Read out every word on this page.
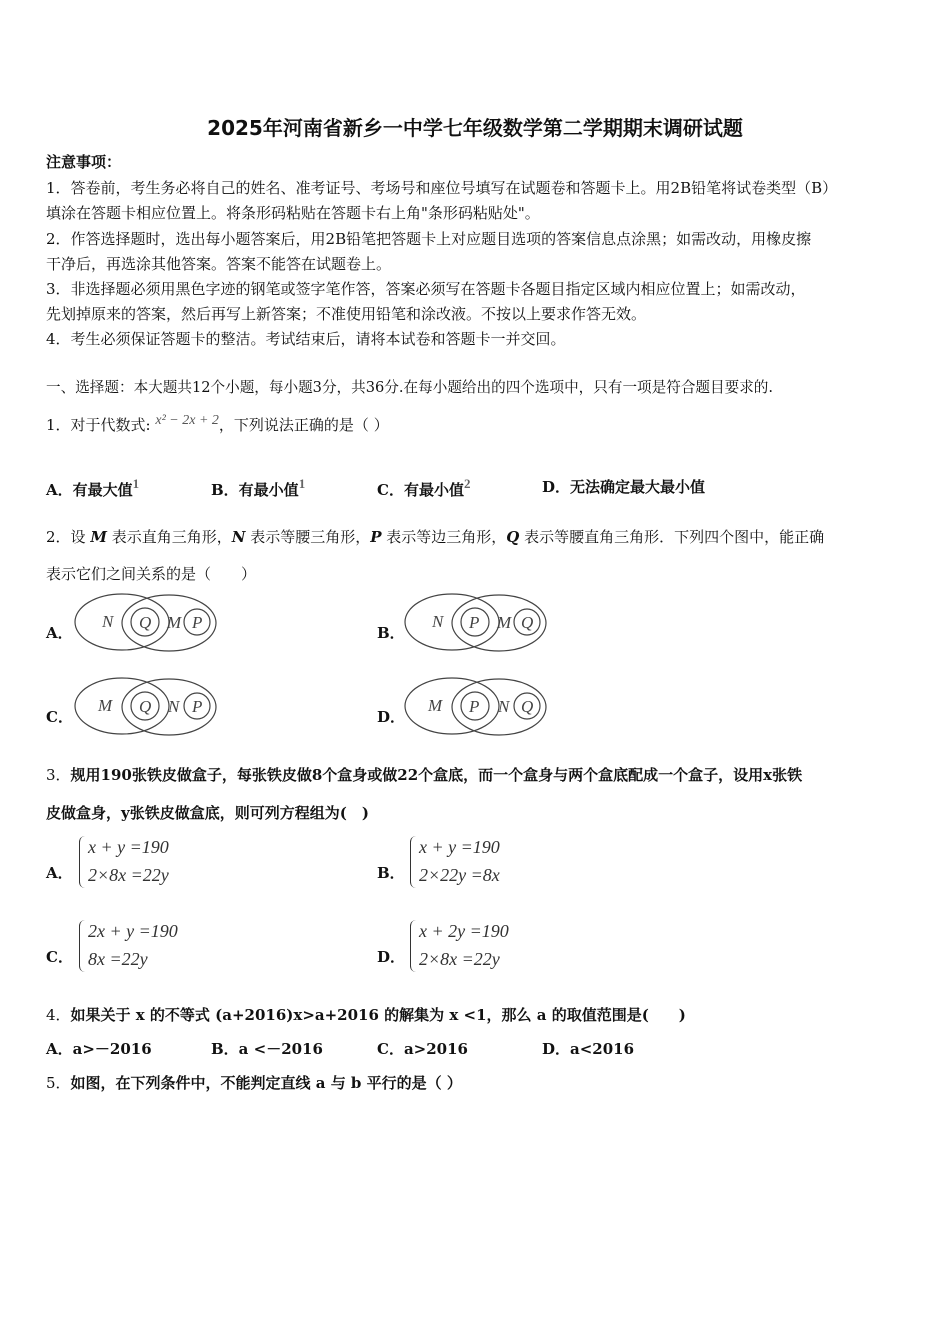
2025年河南省新乡一中学七年级数学第二学期期末调研试题
注意事项：
1．答卷前，考生务必将自己的姓名、准考证号、考场号和座位号填写在试题卷和答题卡上。用2B铅笔将试卷类型（B）
填涂在答题卡相应位置上。将条形码粘贴在答题卡右上角"条形码粘贴处"。
2．作答选择题时，选出每小题答案后，用2B铅笔把答题卡上对应题目选项的答案信息点涂黑；如需改动，用橡皮擦
干净后，再选涂其他答案。答案不能答在试题卷上。
3．非选择题必须用黑色字迹的钢笔或签字笔作答，答案必须写在答题卡各题目指定区域内相应位置上；如需改动，
先划掉原来的答案，然后再写上新答案；不准使用铅笔和涂改液。不按以上要求作答无效。
4．考生必须保证答题卡的整洁。考试结束后，请将本试卷和答题卡一并交回。
一、选择题：本大题共12个小题，每小题3分，共36分.在每小题给出的四个选项中，只有一项是符合题目要求的.
1．对于代数式: x² − 2x + 2，下列说法正确的是（ ）
A．有最大值1	B．有最小值1	C．有最小值2	D．无法确定最大最小值
2．设 M 表示直角三角形，N 表示等腰三角形，P 表示等边三角形，Q 表示等腰直角三角形．下列四个图中，能正确
表示它们之间关系的是（　　）
A．
N Q M P
B．
N P M Q
C．
M Q N P
D．
M P N Q
3．规用190张铁皮做盒子，每张铁皮做8个盒身或做22个盒底，而一个盒身与两个盒底配成一个盒子，设用x张铁
皮做盒身，y张铁皮做盒底，则可列方程组为(　)
A．
x + y =190
2×8x =22y	B．
x + y =190
2×22y =8x
C．
2x + y =190
8x =22y	D．
x + 2y =190
2×8x =22y
4．如果关于 x 的不等式 (a+2016)x>a+2016 的解集为 x <1，那么 a 的取值范围是(　　)
A．a>－2016	B．a <－2016	C．a>2016	D．a<2016
5．如图，在下列条件中，不能判定直线 a 与 b 平行的是（ ）
